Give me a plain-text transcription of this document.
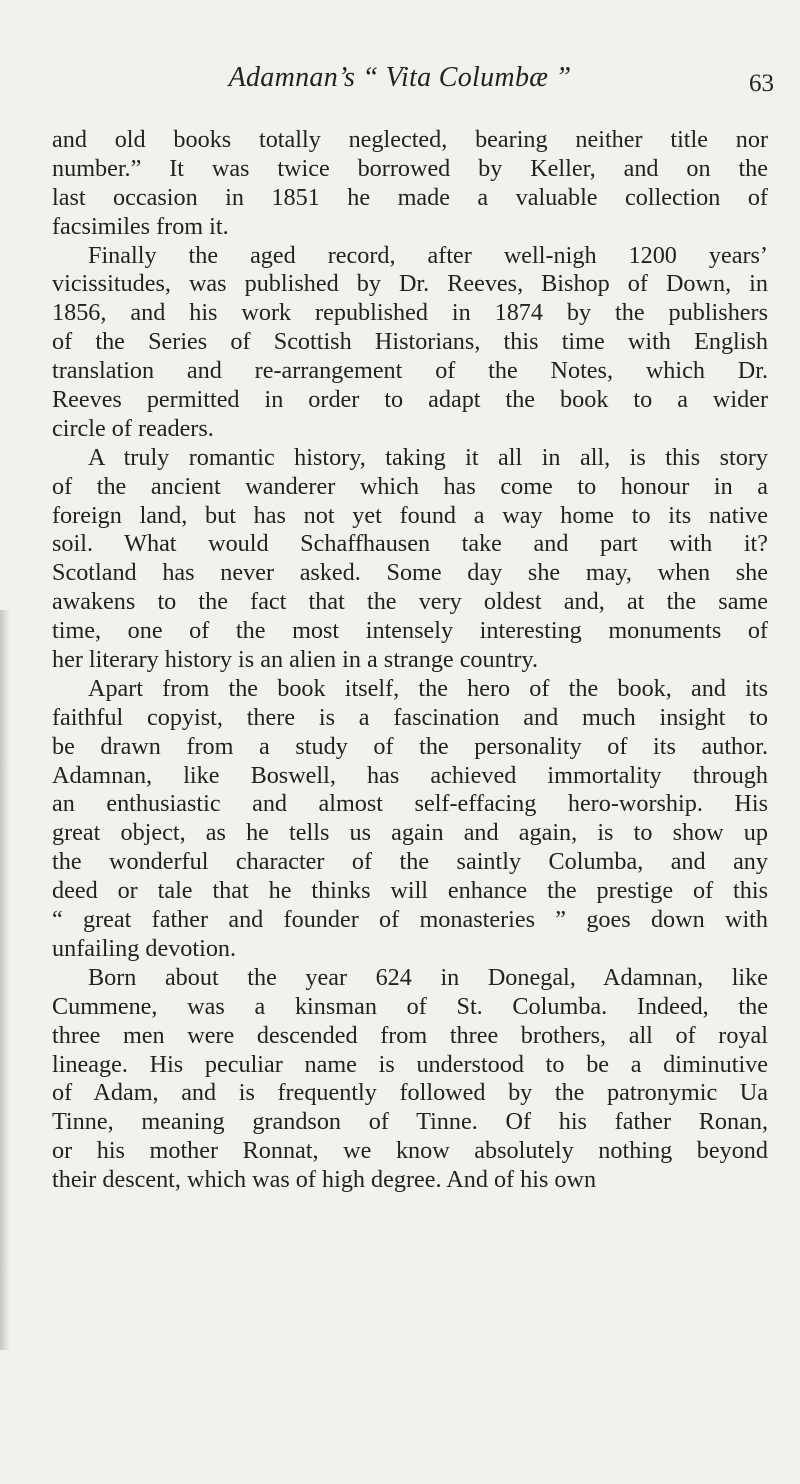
Adamnan’s “ Vita Columbæ ”	63
and old books totally neglected, bearing neither title nor
number.” It was twice borrowed by Keller, and on the
last occasion in 1851 he made a valuable collection of
facsimiles from it.
Finally the aged record, after well-nigh 1200 years’
vicissitudes, was published by Dr. Reeves, Bishop of Down, in
1856, and his work republished in 1874 by the publishers
of the Series of Scottish Historians, this time with English
translation and re-arrangement of the Notes, which Dr.
Reeves permitted in order to adapt the book to a wider
circle of readers.
A truly romantic history, taking it all in all, is this story
of the ancient wanderer which has come to honour in a
foreign land, but has not yet found a way home to its native
soil. What would Schaffhausen take and part with it?
Scotland has never asked. Some day she may, when she
awakens to the fact that the very oldest and, at the same
time, one of the most intensely interesting monuments of
her literary history is an alien in a strange country.
Apart from the book itself, the hero of the book, and its
faithful copyist, there is a fascination and much insight to
be drawn from a study of the personality of its author.
Adamnan, like Boswell, has achieved immortality through
an enthusiastic and almost self-effacing hero-worship. His
great object, as he tells us again and again, is to show up
the wonderful character of the saintly Columba, and any
deed or tale that he thinks will enhance the prestige of this
“ great father and founder of monasteries ” goes down with
unfailing devotion.
Born about the year 624 in Donegal, Adamnan, like
Cummene, was a kinsman of St. Columba. Indeed, the
three men were descended from three brothers, all of royal
lineage. His peculiar name is understood to be a diminutive
of Adam, and is frequently followed by the patronymic Ua
Tinne, meaning grandson of Tinne. Of his father Ronan,
or his mother Ronnat, we know absolutely nothing beyond
their descent, which was of high degree. And of his own
